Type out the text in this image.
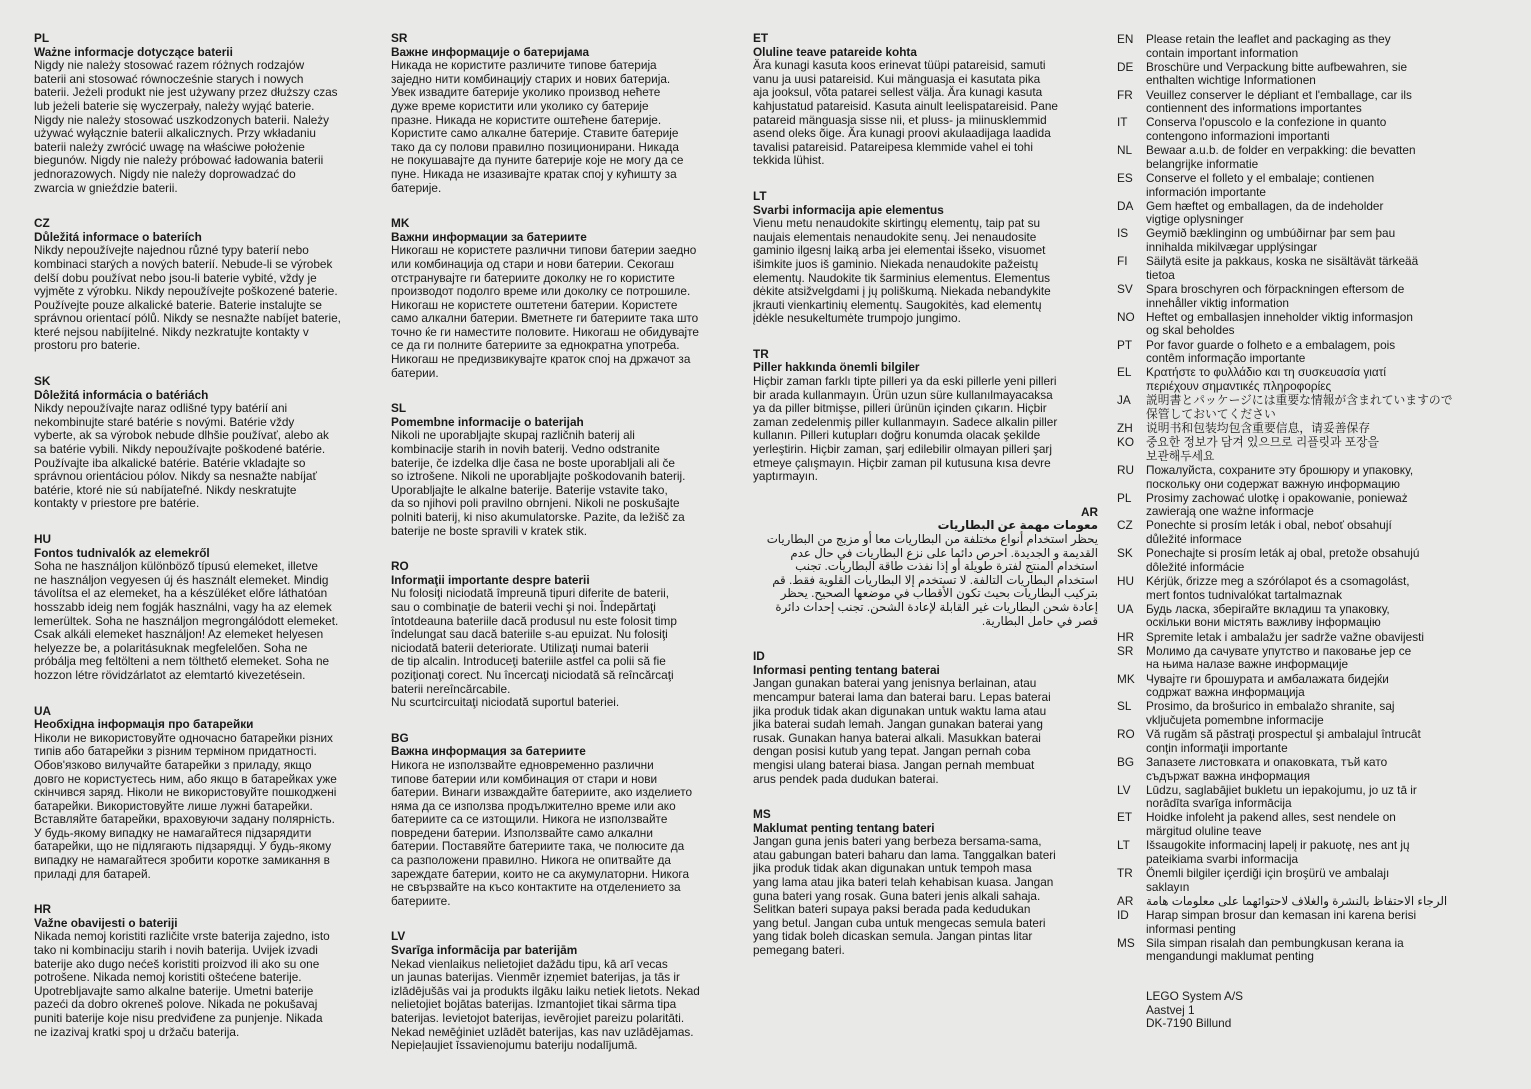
PL
Ważne informacje dotyczące baterii
Nigdy nie należy stosować razem różnych rodzajów
baterii ani stosować równocześnie starych i nowych
baterii. Jeżeli produkt nie jest używany przez dłuższy czas
lub jeżeli baterie się wyczerpały, należy wyjąć baterie.
Nigdy nie należy stosować uszkodzonych baterii. Należy
używać wyłącznie baterii alkalicznych. Przy wkładaniu
baterii należy zwrócić uwagę na właściwe położenie
biegunów. Nigdy nie należy próbować ładowania baterii
jednorazowych. Nigdy nie należy doprowadzać do
zwarcia w gnieździe baterii.
CZ
Důležitá informace o bateriích
Nikdy nepoužívejte najednou různé typy baterií nebo
kombinaci starých a nových baterií. Nebude-li se výrobek
delší dobu používat nebo jsou-li baterie vybité, vždy je
vyjměte z výrobku. Nikdy nepoužívejte poškozené baterie.
Používejte pouze alkalické baterie. Baterie instalujte se
správnou orientací pólů. Nikdy se nesnažte nabíjet baterie,
které nejsou nabíjitelné. Nikdy nezkratujte kontakty v
prostoru pro baterie.
SK
Dôležitá informácia o batériách
Nikdy nepoužívajte naraz odlišné typy batérií ani
nekombinujte staré batérie s novými. Batérie vždy
vyberte, ak sa výrobok nebude dlhšie používať, alebo ak
sa batérie vybili. Nikdy nepoužívajte poškodené batérie.
Používajte iba alkalické batérie. Batérie vkladajte so
správnou orientáciou pólov. Nikdy sa nesnažte nabíjať
batérie, ktoré nie sú nabíjateľné. Nikdy neskratujte
kontakty v priestore pre batérie.
HU
Fontos tudnivalók az elemekről
Soha ne használjon különböző típusú elemeket, illetve
ne használjon vegyesen új és használt elemeket. Mindig
távolítsa el az elemeket, ha a készüléket előre láthatóan
hosszabb ideig nem fogják használni, vagy ha az elemek
lemerültek. Soha ne használjon megrongálódott elemeket.
Csak alkáli elemeket használjon! Az elemeket helyesen
helyezze be, a polaritásuknak megfelelően. Soha ne
próbálja meg feltölteni a nem tölthető elemeket. Soha ne
hozzon létre rövidzárlatot az elemtartó kivezetésein.
UA
Необхідна інформація про батарейки
Ніколи не використовуйте одночасно батарейки різних
типів або батарейки з різним терміном придатності.
Обов'язково вилучайте батарейки з приладу, якщо
довго не користуєтесь ним, або якщо в батарейках уже
скінчився заряд. Ніколи не використовуйте пошкоджені
батарейки. Використовуйте лише лужні батарейки.
Вставляйте батарейки, враховуючи задану полярність.
У будь-якому випадку не намагайтеся підзарядити
батарейки, що не підлягають підзарядці. У будь-якому
випадку не намагайтеся зробити коротке замикання в
приладі для батарей.
HR
Važne obavijesti o bateriji
Nikada nemoj koristiti različite vrste baterija zajedno, isto
tako ni kombinaciju starih i novih baterija. Uvijek izvadi
baterije ako dugo nećeš koristiti proizvod ili ako su one
potrošene. Nikada nemoj koristiti oštećene baterije.
Upotrebljavajte samo alkalne baterije. Umetni baterije
pazeći da dobro okreneš polove. Nikada ne pokušavaj
puniti baterije koje nisu predviđene za punjenje. Nikada
ne izazivaj kratki spoj u držaču baterija.
SR
Важне информације о батеријама
Никада не користите различите типове батерија
заједно нити комбинацију старих и нових батерија.
Увек извадите батерије уколико производ нећете
дуже време користити или уколико су батерије
празне. Никада не користите оштећене батерије.
Користите само алкалне батерије. Ставите батерије
тако да су полови правилно позиционирани. Никада
не покушавајте да пуните батерије које не могу да се
пуне. Никада не изазивајте кратак спој у кућишту за
батерије.
MK
Важни информации за батериите
Никогаш не користете различни типови батерии заедно
или комбинација од стари и нови батерии. Секогаш
отстранувајте ги батериите доколку не го користите
производот подолго време или доколку се потрошиле.
Никогаш не користете оштетени батерии. Користете
само алкални батерии. Вметнете ги батериите така што
точно ќе ги наместите половите. Никогаш не обидувајте
се да ги полните батериите за еднократна употреба.
Никогаш не предизвикувајте краток спој на држачот за
батерии.
SL
Pomembne informacije o baterijah
Nikoli ne uporabljajte skupaj različnih baterij ali
kombinacije starih in novih baterij. Vedno odstranite
baterije, če izdelka dlje časa ne boste uporabljali ali če
so iztrošene. Nikoli ne uporabljajte poškodovanih baterij.
Uporabljajte le alkalne baterije. Baterije vstavite tako,
da so njihovi poli pravilno obrnjeni. Nikoli ne poskušajte
polniti baterij, ki niso akumulatorske. Pazite, da ležišč za
baterije ne boste spravili v kratek stik.
RO
Informaţii importante despre baterii
Nu folosiţi niciodată împreună tipuri diferite de baterii,
sau o combinaţie de baterii vechi şi noi. Îndepărtaţi
întotdeauna bateriile dacă produsul nu este folosit timp
îndelungat sau dacă bateriile s-au epuizat. Nu folosiţi
niciodată baterii deteriorate. Utilizaţi numai baterii
de tip alcalin. Introduceţi bateriile astfel ca polii să fie
poziţionaţi corect. Nu încercaţi niciodată să reîncărcaţi
baterii nereîncărcabile.
Nu scurtcircuitaţi niciodată suportul bateriei.
BG
Важна информация за батериите
Никога не използвайте едновременно различни
типове батерии или комбинация от стари и нови
батерии. Винаги изваждайте батериите, ако изделието
няма да се използва продължително време или ако
батериите са се изтощили. Никога не използвайте
повредени батерии. Използвайте само алкални
батерии. Поставяйте батериите така, че полюсите да
са разположени правилно. Никога не опитвайте да
зареждате батерии, които не са акумулаторни. Никога
не свързвайте на късо контактите на отделението за
батериите.
LV
Svarīga informācija par baterijām
Nekad vienlaikus nelietojiet dažādu tipu, kā arī vecas
un jaunas baterijas. Vienmēr izņemiet baterijas, ja tās ir
izlādējušās vai ja produkts ilgāku laiku netiek lietots. Nekad
nelietojiet bojātas baterijas. Izmantojiet tikai sārma tipa
baterijas. Ievietojot baterijas, ievērojiet pareizu polaritāti.
Nekad neмēģiniet uzlādēt baterijas, kas nav uzlādējamas.
Nepieļaujiet īssavienojumu bateriju nodalījumā.
ET
Oluline teave patareide kohta
Ära kunagi kasuta koos erinevat tüüpi patareisid, samuti
vanu ja uusi patareisid. Kui mänguasja ei kasutata pika
aja jooksul, võta patarei sellest välja. Ära kunagi kasuta
kahjustatud patareisid. Kasuta ainult leelispatareisid. Pane
patareid mänguasja sisse nii, et pluss- ja miinusklemmid
asend oleks õige. Ära kunagi proovi akulaadijaga laadida
tavalisi patareisid. Patareipesa klemmide vahel ei tohi
tekkida lühist.
LT
Svarbi informacija apie elementus
Vienu metu nenaudokite skirtingų elementų, taip pat su
naujais elementais nenaudokite senų. Jei nenaudosite
gaminio ilgesnį laiką arba jei elementai išseko, visuomet
išimkite juos iš gaminio. Niekada nenaudokite pažeistų
elementų. Naudokite tik šarminius elementus. Elementus
dėkite atsižvelgdami į jų poliškumą. Niekada nebandykite
įkrauti vienkartinių elementų. Saugokitės, kad elementų
įdėkle nesukeltumėte trumpojo jungimo.
TR
Piller hakkında önemli bilgiler
Hiçbir zaman farklı tipte pilleri ya da eski pillerle yeni pilleri
bir arada kullanmayın. Ürün uzun süre kullanılmayacaksa
ya da piller bitmişse, pilleri ürünün içinden çıkarın. Hiçbir
zaman zedelenmiş piller kullanmayın. Sadece alkalin piller
kullanın. Pilleri kutupları doğru konumda olacak şekilde
yerleştirin. Hiçbir zaman, şarj edilebilir olmayan pilleri şarj
etmeye çalışmayın. Hiçbir zaman pil kutusuna kısa devre
yaptırmayın.
AR
معومات مهمة عن البطاريات
يحظر استخدام أنواع مختلفة من البطاريات معا أو مزيج من البطاريات
القديمة و الجديدة. احرص دائما على نزع البطاريات في حال عدم
استخدام المنتج لفترة طويلة أو إذا نفذت طاقة البطاريات. تجنب
استخدام البطاريات التالفة. لا تستخدم إلا البطاريات القلوية فقط. قم
بتركيب البطاريات بحيث تكون الأقطاب في موضعها الصحيح. يحظر
إعادة شحن البطاريات غير القابلة لإعادة الشحن. تجنب إحداث دائرة
قصر في حامل البطارية.
ID
Informasi penting tentang baterai
Jangan gunakan baterai yang jenisnya berlainan, atau
mencampur baterai lama dan baterai baru. Lepas baterai
jika produk tidak akan digunakan untuk waktu lama atau
jika baterai sudah lemah. Jangan gunakan baterai yang
rusak. Gunakan hanya baterai alkali. Masukkan baterai
dengan posisi kutub yang tepat. Jangan pernah coba
mengisi ulang baterai biasa. Jangan pernah membuat
arus pendek pada dudukan baterai.
MS
Maklumat penting tentang bateri
Jangan guna jenis bateri yang berbeza bersama-sama,
atau gabungan bateri baharu dan lama. Tanggalkan bateri
jika produk tidak akan digunakan untuk tempoh masa
yang lama atau jika bateri telah kehabisan kuasa. Jangan
guna bateri yang rosak. Guna bateri jenis alkali sahaja.
Selitkan bateri supaya paksi berada pada kedudukan
yang betul. Jangan cuba untuk mengecas semula bateri
yang tidak boleh dicaskan semula. Jangan pintas litar
pemegang bateri.
EN	Please retain the leaflet and packaging as they
contain important information
DE	Broschüre und Verpackung bitte aufbewahren, sie
enthalten wichtige Informationen
FR	Veuillez conserver le dépliant et l'emballage, car ils
contiennent des informations importantes
IT	Conserva l'opuscolo e la confezione in quanto
contengono informazioni importanti
NL	Bewaar a.u.b. de folder en verpakking: die bevatten
belangrijke informatie
ES	Conserve el folleto y el embalaje; contienen
información importante
DA	Gem hæftet og emballagen, da de indeholder
vigtige oplysninger
IS	Geymið bæklinginn og umbúðirnar þar sem þau
innihalda mikilvægar upplýsingar
FI	Säilytä esite ja pakkaus, koska ne sisältävät tärkeää
tietoa
SV	Spara broschyren och förpackningen eftersom de
innehåller viktig information
NO Heftet og emballasjen inneholder viktig informasjon
og skal beholdes
PT	Por favor guarde o folheto e a embalagem, pois
contêm informação importante
EL	Κρατήστε το φυλλάδιο και τη συσκευασία γιατί
περιέχουν σημαντικές πληροφορίες
JA	説明書とパッケージには重要な情報が含まれていますので
保管しておいてください
ZH	说明书和包装均包含重要信息，请妥善保存
KO	중요한 정보가 담겨 있으므로 리플릿과 포장을
보관해두세요
RU	Пожалуйста, сохраните эту брошюру и упаковку,
поскольку они содержат важную информацию
PL	Prosimy zachować ulotkę i opakowanie, ponieważ
zawierają one ważne informacje
CZ	Ponechte si prosím leták i obal, neboť obsahují
důležité informace
SK	Ponechajte si prosím leták aj obal, pretože obsahujú
dôležité informácie
HU	Kérjük, őrizze meg a szórólapot és a csomagolást,
mert fontos tudnivalókat tartalmaznak
UA	Будь ласка, зберігайте вкладиш та упаковку,
оскільки вони містять важливу інформацію
HR	Spremite letak i ambalažu jer sadrže važne obavijesti
SR	Молимо да сачувате упутство и паковање јер се
на њима налазе важне информације
MK Чувајте ги брошурата и амбалажата бидејќи
содржат важна информација
SL	Prosimo, da brošurico in embalažo shranite, saj
vključujeta pomembne informacije
RO Vă rugăm să păstraţi prospectul şi ambalajul întrucât
conţin informaţii importante
BG	Запазете листовката и опаковката, тъй като
съдържат важна информация
LV	Lūdzu, saglabājiet bukletu un iepakojumu, jo uz tā ir
norādīta svarīga informācija
ET	Hoidke infoleht ja pakend alles, sest nendele on
märgitud oluline teave
LT	Išsaugokite informacinį lapelį ir pakuotę, nes ant jų
pateikiama svarbi informacija
TR	Önemli bilgiler içerdiği için broşürü ve ambalajı
saklayın
AR	الرجاء الاحتفاظ بالنشرة والغلاف لاحتوائهما على معلومات هامة
ID	Harap simpan brosur dan kemasan ini karena berisi
informasi penting
MS Sila simpan risalah dan pembungkusan kerana ia
mengandungi maklumat penting
LEGO System A/S
Aastvej 1
DK-7190 Billund
